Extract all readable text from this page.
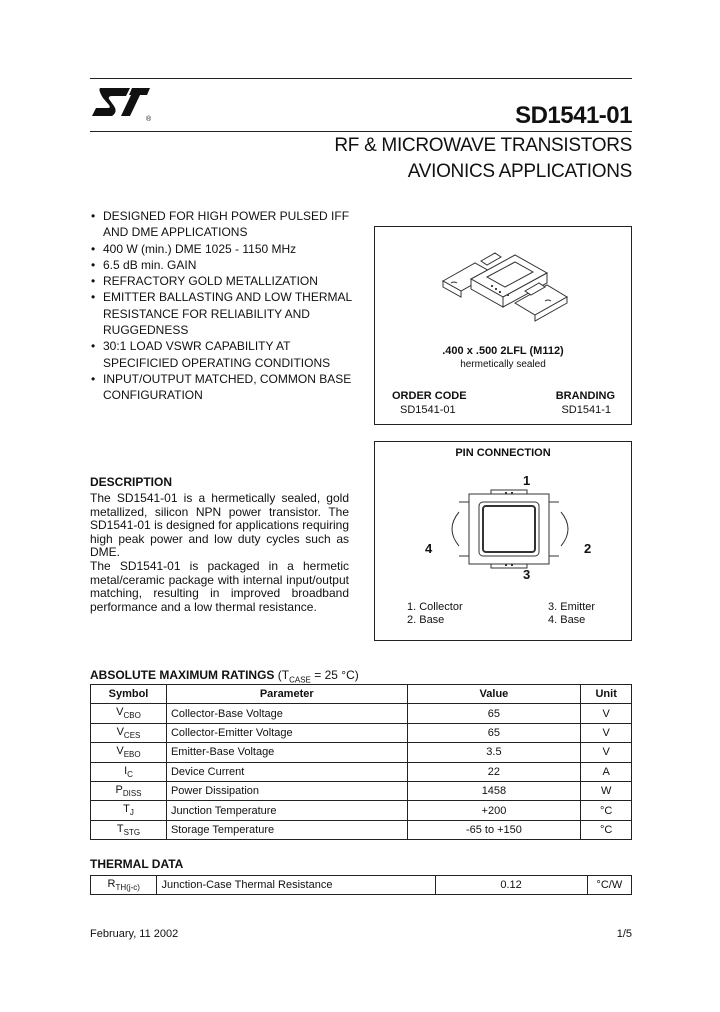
®	SD1541-01
RF & MICROWAVE TRANSISTORS
AVIONICS APPLICATIONS
• DESIGNED FOR HIGH POWER PULSED IFF AND DME APPLICATIONS
• 400 W (min.) DME 1025 - 1150 MHz
• 6.5 dB min. GAIN
• REFRACTORY GOLD METALLIZATION
• EMITTER BALLASTING AND LOW THERMAL RESISTANCE FOR RELIABILITY AND RUGGEDNESS
• 30:1 LOAD VSWR CAPABILITY AT SPECIFICIED OPERATING CONDITIONS
• INPUT/OUTPUT MATCHED, COMMON BASE CONFIGURATION
.400 x .500 2LFL (M112)
hermetically sealed
ORDER CODE
SD1541-01
BRANDING
SD1541-1
PIN CONNECTION
1
2
3
4
1. Collector
2. Base
3. Emitter
4. Base
DESCRIPTION

The SD1541-01 is a hermetically sealed, gold metallized, silicon NPN power transistor. The SD1541-01 is designed for applications requiring high peak power and low duty cycles such as DME.

The SD1541-01 is packaged in a hermetic metal/ceramic package with internal input/output matching, resulting in improved broadband performance and a low thermal resistance.

ABSOLUTE MAXIMUM RATINGS ($T_{CASE} = 25$ °C)
Symbol	Parameter	Value	Unit
$V_{CBO}$	Collector-Base Voltage	65	V
$V_{CES}$	Collector-Emitter Voltage	65	V
$V_{EBO}$	Emitter-Base Voltage	3.5	V
$I_C$	Device Current	22	A
$P_{DISS}$	Power Dissipation	1458	W
$T_J$	Junction Temperature	+200	°C
$T_{STG}$	Storage Temperature	-65 to +150	°C
THERMAL DATA
$R_{TH(j-c)}$	Junction-Case Thermal Resistance	0.12	°C/W
February, 11 2002	1/5
